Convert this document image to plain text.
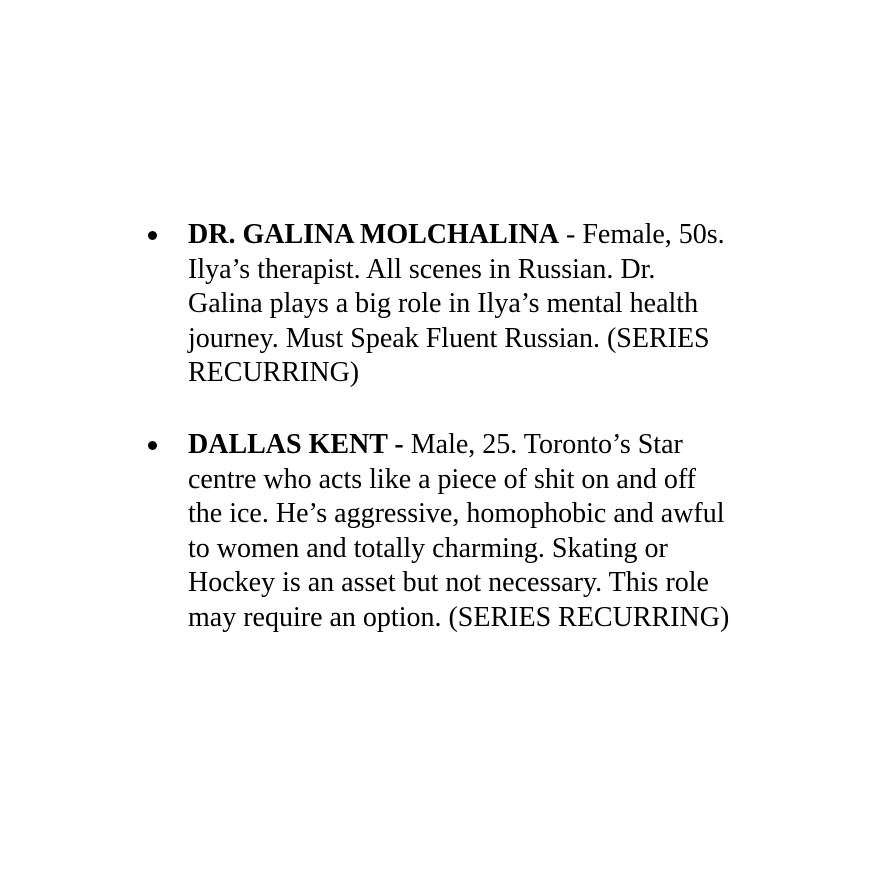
DR. GALINA MOLCHALINA - Female, 50s.
Ilya’s therapist. All scenes in Russian. Dr.
Galina plays a big role in Ilya’s mental health
journey. Must Speak Fluent Russian. (SERIES
RECURRING)
DALLAS KENT - Male, 25. Toronto’s Star
centre who acts like a piece of shit on and off
the ice. He’s aggressive, homophobic and awful
to women and totally charming. Skating or
Hockey is an asset but not necessary. This role
may require an option. (SERIES RECURRING)
